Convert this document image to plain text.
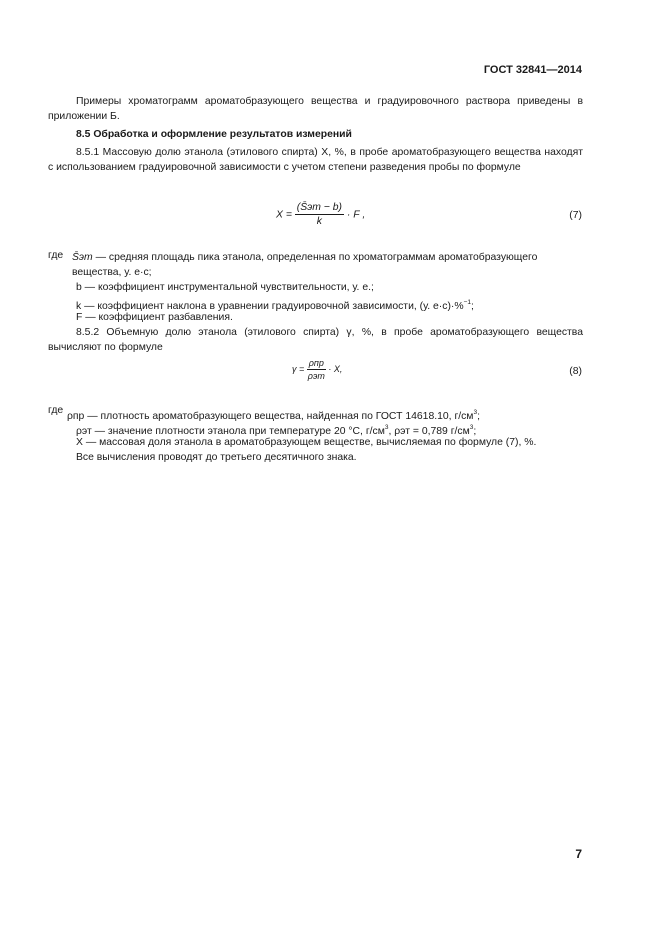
ГОСТ 32841—2014
Примеры хроматограмм ароматобразующего вещества и градуировочного раствора приведены в приложении Б.
8.5 Обработка и оформление результатов измерений
8.5.1 Массовую долю этанола (этилового спирта) X, %, в пробе ароматобразующего вещества находят с использованием градуировочной зависимости с учетом степени разведения пробы по формуле
$X = \frac{(S̄эт - b)}{k} \cdot F$ ,	(7)
где S̄эт — средняя площадь пика этанола, определенная по хроматограммам ароматобразующего вещества, у. е·с;
b — коэффициент инструментальной чувствительности, у. е.;
k — коэффициент наклона в уравнении градуировочной зависимости, (у. е·с)·%$^{-1}$;
F — коэффициент разбавления.
8.5.2 Объемную долю этанола (этилового спирта) γ, %, в пробе ароматобразующего вещества вычисляют по формуле
$\gamma = \frac{\text{ρпр}}{\text{ρэт}} \cdot X$,	(8)
где
ρпр — плотность ароматобразующего вещества, найденная по ГОСТ 14618.10, $г/см^3$;
ρэт — значение плотности этанола при температуре 20 °С, $г/см^3$, ρэт = 0,789 $г/см^3$;
X — массовая доля этанола в ароматобразующем веществе, вычисляемая по формуле (7), %.
Все вычисления проводят до третьего десятичного знака.
7
